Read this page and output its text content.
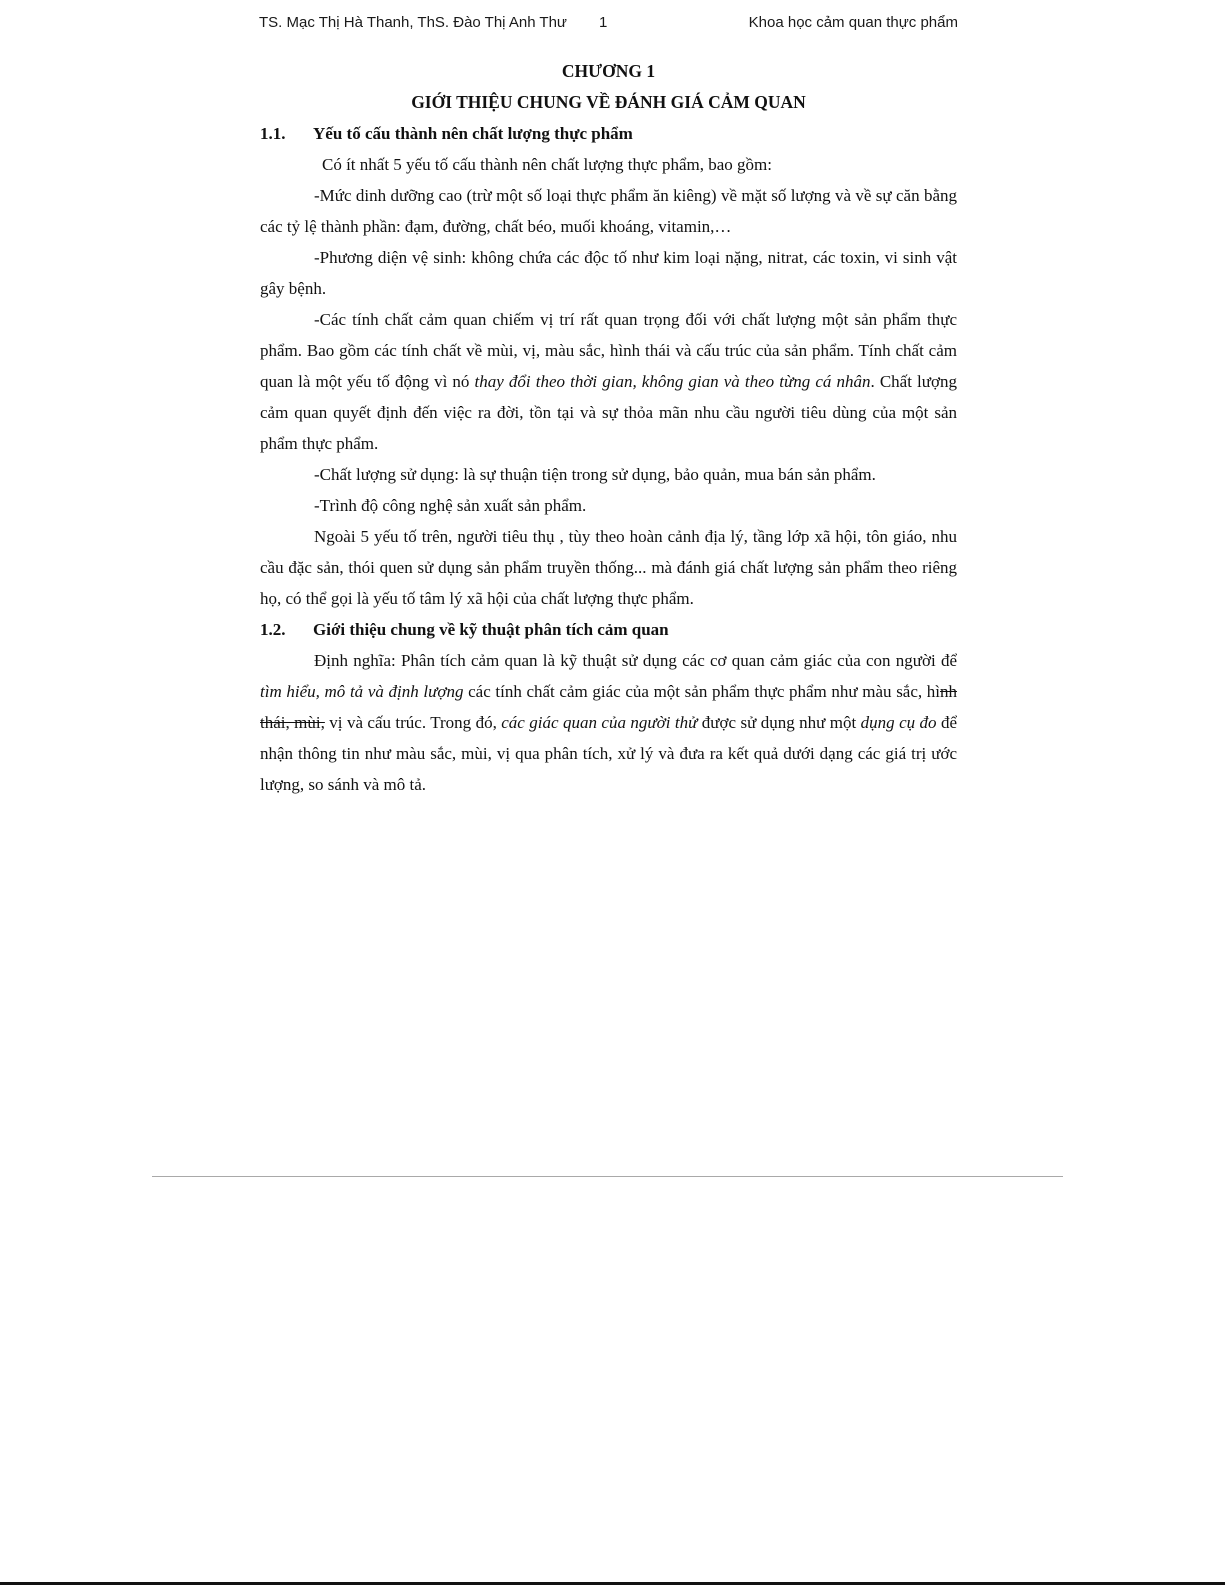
TS. Mạc Thị Hà Thanh, ThS. Đào Thị Anh Thư 1	Khoa học cảm quan thực phẩm
CHƯƠNG 1
GIỚI THIỆU CHUNG VỀ ĐÁNH GIÁ CẢM QUAN
1.1. Yếu tố cấu thành nên chất lượng thực phẩm

Có ít nhất 5 yếu tố cấu thành nên chất lượng thực phẩm, bao gồm:

-Mức dinh dưỡng cao (trừ một số loại thực phẩm ăn kiêng) về mặt số lượng và về sự căn bằng các tỷ lệ thành phần: đạm, đường, chất béo, muối khoáng, vitamin,…

-Phương diện vệ sinh: không chứa các độc tố như kim loại nặng, nitrat, các toxin, vi sinh vật gây bệnh.

-Các tính chất cảm quan chiếm vị trí rất quan trọng đối với chất lượng một sản phẩm thực phẩm. Bao gồm các tính chất về mùi, vị, màu sắc, hình thái và cấu trúc của sản phẩm. Tính chất cảm quan là một yếu tố động vì nó thay đổi theo thời gian, không gian và theo từng cá nhân. Chất lượng cảm quan quyết định đến việc ra đời, tồn tại và sự thỏa mãn nhu cầu người tiêu dùng của một sản phẩm thực phẩm.

-Chất lượng sử dụng: là sự thuận tiện trong sử dụng, bảo quản, mua bán sản phẩm.

-Trình độ công nghệ sản xuất sản phẩm.

Ngoài 5 yếu tố trên, người tiêu thụ , tùy theo hoàn cảnh địa lý, tầng lớp xã hội, tôn giáo, nhu cầu đặc sản, thói quen sử dụng sản phẩm truyền thống... mà đánh giá chất lượng sản phẩm theo riêng họ, có thể gọi là yếu tố tâm lý xã hội của chất lượng thực phẩm.

1.2. Giới thiệu chung về kỹ thuật phân tích cảm quan

Định nghĩa: Phân tích cảm quan là kỹ thuật sử dụng các cơ quan cảm giác của con người để tìm hiểu, mô tả và định lượng các tính chất cảm giác của một sản phẩm thực phẩm như màu sắc, hình thái, mùi, vị và cấu trúc. Trong đó, các giác quan của người thử được sử dụng như một dụng cụ đo để nhận thông tin như màu sắc, mùi, vị qua phân tích, xử lý và đưa ra kết quả dưới dạng các giá trị ước lượng, so sánh và mô tả.
